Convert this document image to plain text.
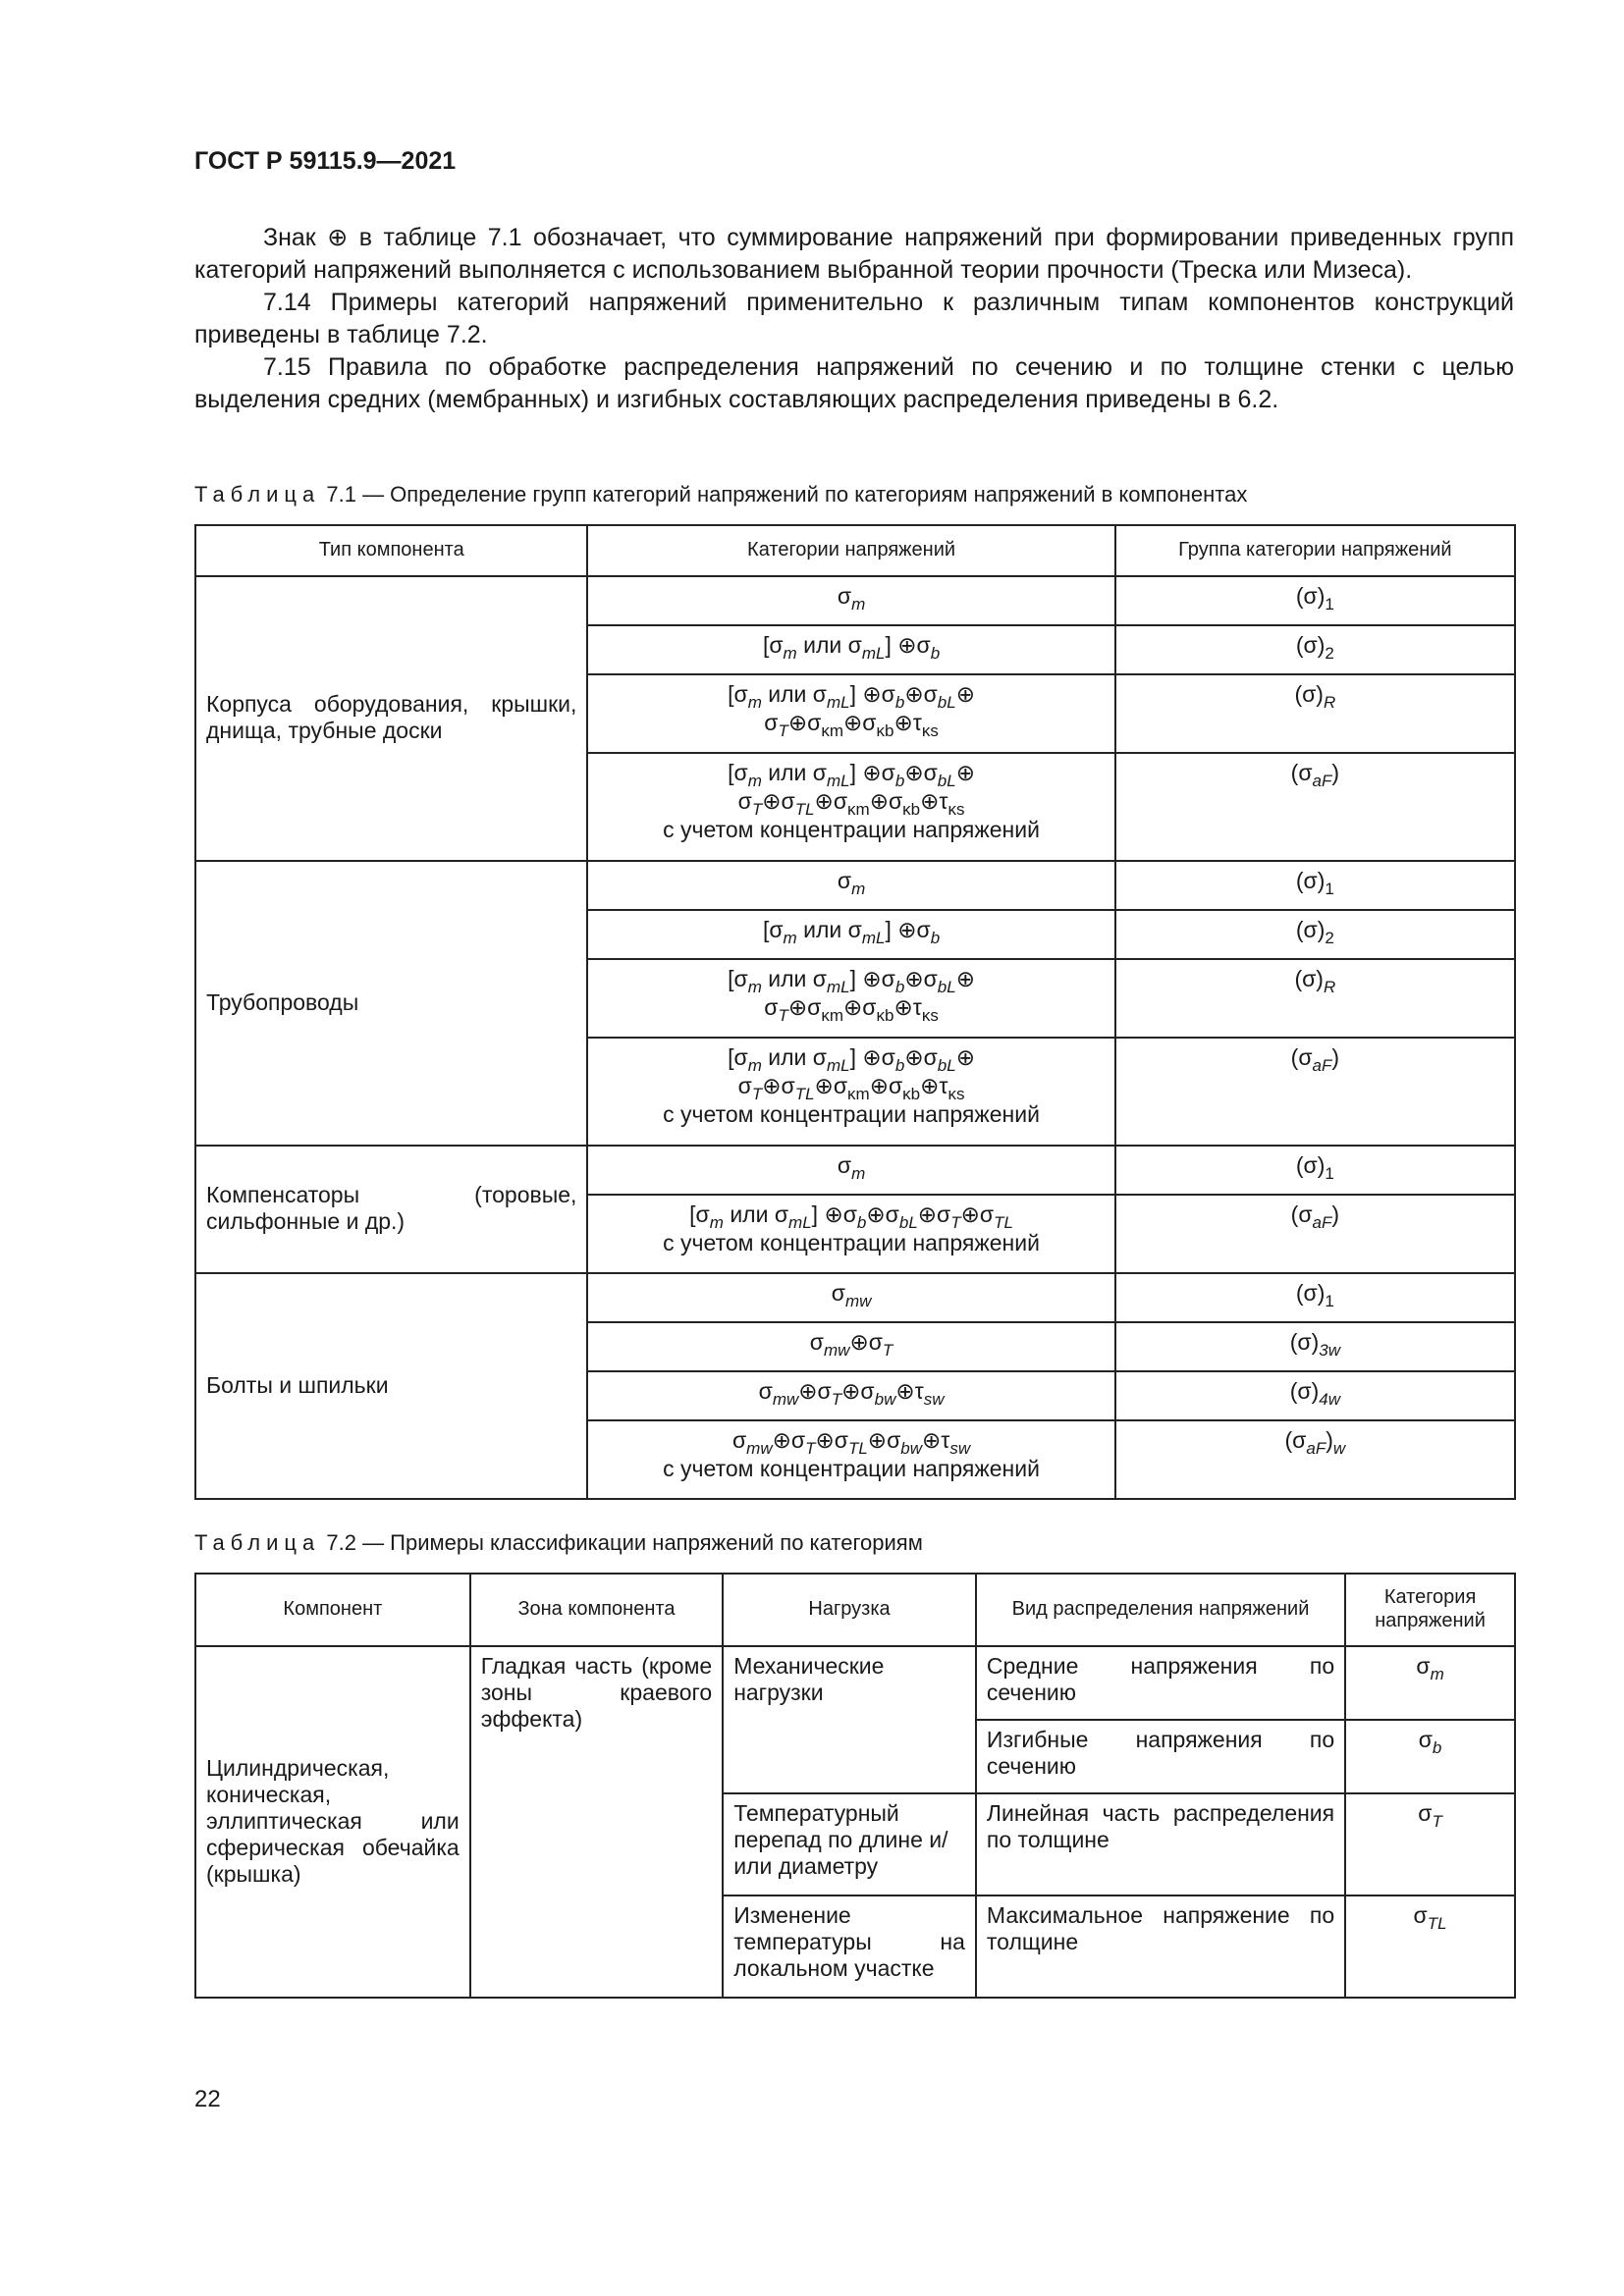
ГОСТ Р 59115.9—2021

Знак ⊕ в таблице 7.1 обозначает, что суммирование напряжений при формировании приведенных групп категорий напряжений выполняется с использованием выбранной теории прочности (Треска или Мизеса).

7.14 Примеры категорий напряжений применительно к различным типам компонентов конструкций приведены в таблице 7.2.

7.15 Правила по обработке распределения напряжений по сечению и по толщине стенки с целью выделения средних (мембранных) и изгибных составляющих распределения приведены в 6.2.

Таблица 7.1 — Определение групп категорий напряжений по категориям напряжений в компонентах
Тип компонента	Категории напряжений	Группа категории напряжений
Корпуса оборудования, крышки, днища, трубные доски	$\sigma_m$	$(\sigma)_1$
	[$\sigma_m$ или $\sigma_{mL}$] $\oplus\sigma_b$	$(\sigma)_2$
	[$\sigma_m$ или $\sigma_{mL}$] $\oplus\sigma_b\oplus\sigma_{bL}\oplus$
$\sigma_T\oplus\sigma_{\kappa m}\oplus\sigma_{\kappa b}\oplus\tau_{\kappa s}$	$(\sigma)_R$
	[$\sigma_m$ или $\sigma_{mL}$] $\oplus\sigma_b\oplus\sigma_{bL}\oplus$
$\sigma_T\oplus\sigma_{TL}\oplus\sigma_{\kappa m}\oplus\sigma_{\kappa b}\oplus\tau_{\kappa s}$
с учетом концентрации напряжений	$(\sigma_{aF})$
Трубопроводы	$\sigma_m$	$(\sigma)_1$
	[$\sigma_m$ или $\sigma_{mL}$] $\oplus\sigma_b$	$(\sigma)_2$
	[$\sigma_m$ или $\sigma_{mL}$] $\oplus\sigma_b\oplus\sigma_{bL}\oplus$
$\sigma_T\oplus\sigma_{\kappa m}\oplus\sigma_{\kappa b}\oplus\tau_{\kappa s}$	$(\sigma)_R$
	[$\sigma_m$ или $\sigma_{mL}$] $\oplus\sigma_b\oplus\sigma_{bL}\oplus$
$\sigma_T\oplus\sigma_{TL}\oplus\sigma_{\kappa m}\oplus\sigma_{\kappa b}\oplus\tau_{\kappa s}$
с учетом концентрации напряжений	$(\sigma_{aF})$
Компенсаторы (торовые, сильфонные и др.)	$\sigma_m$	$(\sigma)_1$
	[$\sigma_m$ или $\sigma_{mL}$] $\oplus\sigma_b\oplus\sigma_{bL}\oplus\sigma_T\oplus\sigma_{TL}$
с учетом концентрации напряжений	$(\sigma_{aF})$
Болты и шпильки	$\sigma_{mw}$	$(\sigma)_1$
	$\sigma_{mw}\oplus\sigma_T$	$(\sigma)_{3w}$
	$\sigma_{mw}\oplus\sigma_T\oplus\sigma_{bw}\oplus\tau_{sw}$	$(\sigma)_{4w}$
	$\sigma_{mw}\oplus\sigma_T\oplus\sigma_{TL}\oplus\sigma_{bw}\oplus\tau_{sw}$
с учетом концентрации напряжений	$(\sigma_{aF})_w$
Таблица 7.2 — Примеры классификации напряжений по категориям
Компонент	Зона компонента	Нагрузка	Вид распределения напряжений	Категория напряжений
Цилиндрическая, коническая, эллиптическая или сферическая обечайка (крышка)	Гладкая часть (кроме зоны краевого эффекта)	Механические нагрузки	Средние напряжения по сечению	$\sigma_m$
			Изгибные напряжения по сечению	$\sigma_b$
		Температурный перепад по длине и/или диаметру	Линейная часть распределения по толщине	$\sigma_T$
		Изменение температуры на локальном участке	Максимальное напряжение по толщине	$\sigma_{TL}$
22
